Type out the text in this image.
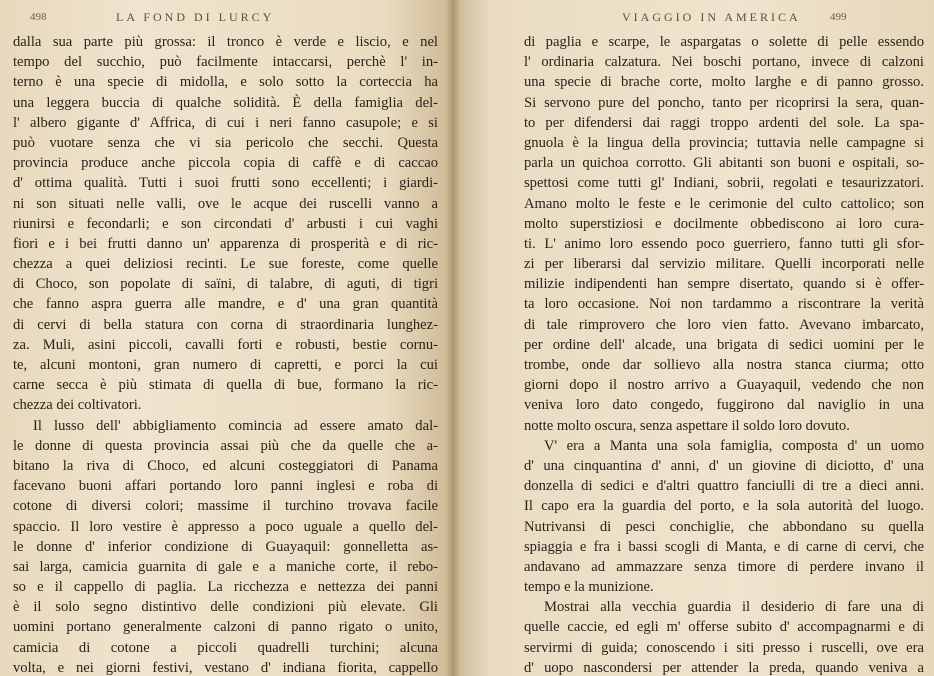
498	LA FOND DI LURCY
dalla sua parte più grossa: il tronco è verde e liscio, e nel
tempo del succhio, può facilmente intaccarsi, perchè l' in-
terno è una specie di midolla, e solo sotto la corteccia ha
una leggera buccia di qualche solidità. È della famiglia del-
l' albero gigante d' Affrica, di cui i neri fanno casupole; e si
può vuotare senza che vi sia pericolo che secchi. Questa
provincia produce anche piccola copia di caffè e di caccao
d' ottima qualità. Tutti i suoi frutti sono eccellenti; i giardi-
ni son situati nelle valli, ove le acque dei ruscelli vanno a
riunirsi e fecondarli; e son circondati d' arbusti i cui vaghi
fiori e i bei frutti danno un' apparenza di prosperità e di ric-
chezza a quei deliziosi recinti. Le sue foreste, come quelle
di Choco, son popolate di saïni, di talabre, di aguti, di tigri
che fanno aspra guerra alle mandre, e d' una gran quantità
di cervi di bella statura con corna di straordinaria lunghez-
za. Muli, asini piccoli, cavalli forti e robusti, bestie cornu-
te, alcuni montoni, gran numero di capretti, e porci la cui
carne secca è più stimata di quella di bue, formano la ric-
chezza dei coltivatori.
Il lusso dell' abbigliamento comincia ad essere amato dal-
le donne di questa provincia assai più che da quelle che a-
bitano la riva di Choco, ed alcuni costeggiatori di Panama
facevano buoni affari portando loro panni inglesi e roba di
cotone di diversi colori; massime il turchino trovava facile
spaccio. Il loro vestire è appresso a poco uguale a quello del-
le donne d' inferior condizione di Guayaquil: gonnelletta as-
sai larga, camicia guarnita di gale e a maniche corte, il rebo-
so e il cappello di paglia. La ricchezza e nettezza dei panni
è il solo segno distintivo delle condizioni più elevate. Gli
uomini portano generalmente calzoni di panno rigato o unito,
camicia di cotone a piccoli quadrelli turchini; alcuna
volta, e nei giorni festivi, vestano d' indiana fiorita, cappello
VIAGGIO IN AMERICA	499
di paglia e scarpe, le aspargatas o solette di pelle essendo
l' ordinaria calzatura. Nei boschi portano, invece di calzoni
una specie di brache corte, molto larghe e di panno grosso.
Si servono pure del poncho, tanto per ricoprirsi la sera, quan-
to per difendersi dai raggi troppo ardenti del sole. La spa-
gnuola è la lingua della provincia; tuttavia nelle campagne si
parla un quichoa corrotto. Gli abitanti son buoni e ospitali, so-
spettosi come tutti gl' Indiani, sobrii, regolati e tesaurizzatori.
Amano molto le feste e le cerimonie del culto cattolico; son
molto superstiziosi e docilmente obbediscono ai loro cura-
ti. L' animo loro essendo poco guerriero, fanno tutti gli sfor-
zi per liberarsi dal servizio militare. Quelli incorporati nelle
milizie indipendenti han sempre disertato, quando si è offer-
ta loro occasione. Noi non tardammo a riscontrare la verità
di tale rimprovero che loro vien fatto. Avevano imbarcato,
per ordine dell' alcade, una brigata di sedici uomini per le
trombe, onde dar sollievo alla nostra stanca ciurma; otto
giorni dopo il nostro arrivo a Guayaquil, vedendo che non
veniva loro dato congedo, fuggirono dal naviglio in una
notte molto oscura, senza aspettare il soldo loro dovuto.
V' era a Manta una sola famiglia, composta d' un uomo
d' una cinquantina d' anni, d' un giovine di diciotto, d' una
donzella di sedici e d'altri quattro fanciulli di tre a dieci anni.
Il capo era la guardia del porto, e la sola autorità del luogo.
Nutrivansi di pesci conchiglie, che abbondano su quella
spiaggia e fra i bassi scogli di Manta, e di carne di cervi, che
andavano ad ammazzare senza timore di perdere invano il
tempo e la munizione.
Mostrai alla vecchia guardia il desiderio di fare una di
quelle caccie, ed egli m' offerse subito d' accompagnarmi e di
servirmi di guida; conoscendo i siti presso i ruscelli, ove era
d' uopo nascondersi per attender la preda, quando veniva a
